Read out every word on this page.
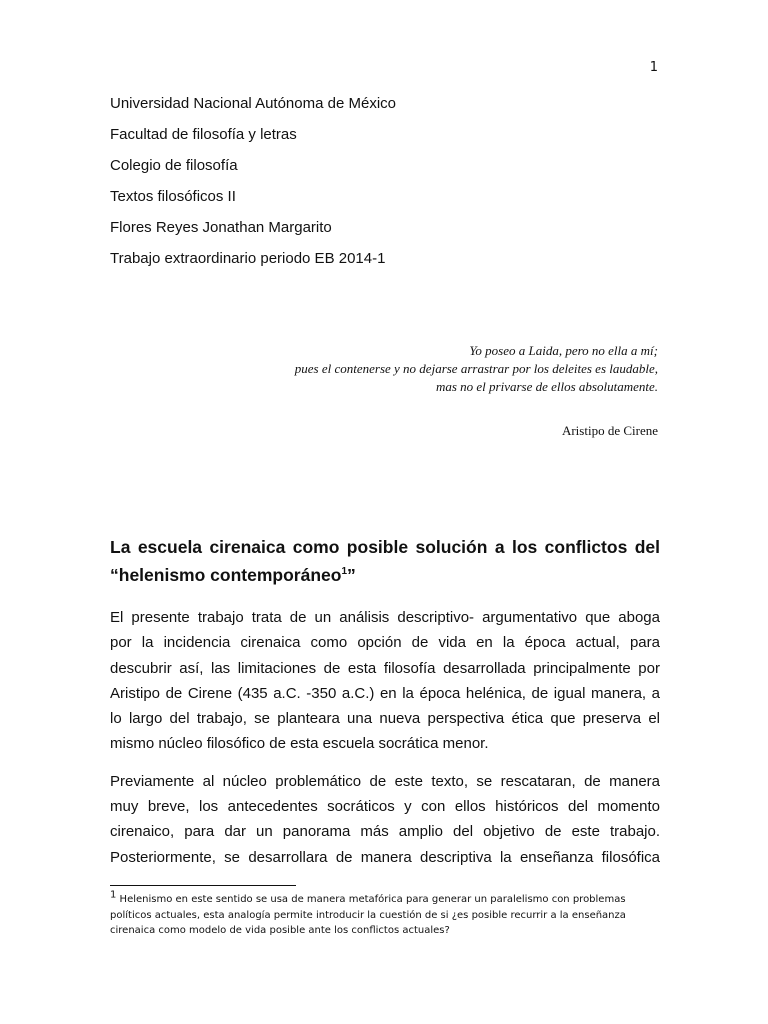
1
Universidad Nacional Autónoma de México
Facultad de filosofía y letras
Colegio de filosofía
Textos filosóficos II
Flores Reyes Jonathan Margarito
Trabajo extraordinario periodo EB 2014-1
Yo poseo a Laida, pero no ella a mí;
pues el contenerse y no dejarse arrastrar por los deleites es laudable,
mas no el privarse de ellos absolutamente.
Aristipo de Cirene
La escuela cirenaica como posible solución a los conflictos del
“helenismo contemporáneo$^1$”
El presente trabajo trata de un análisis descriptivo- argumentativo que aboga
por la incidencia cirenaica como opción de vida en la época actual, para
descubrir así, las limitaciones de esta filosofía desarrollada principalmente por
Aristipo de Cirene (435 a.C. -350 a.C.) en la época helénica, de igual manera, a
lo largo del trabajo, se planteara una nueva perspectiva ética que preserva el
mismo núcleo filosófico de esta escuela socrática menor.
Previamente al núcleo problemático de este texto, se rescataran, de manera
muy breve, los antecedentes socráticos y con ellos históricos del momento
cirenaico, para dar un panorama más amplio del objetivo de este trabajo.
Posteriormente, se desarrollara de manera descriptiva la enseñanza filosófica
$^1$ Helenismo en este sentido se usa de manera metafórica para generar un paralelismo con problemas
políticos actuales, esta analogía permite introducir la cuestión de si ¿es posible recurrir a la enseñanza
cirenaica como modelo de vida posible ante los conflictos actuales?
